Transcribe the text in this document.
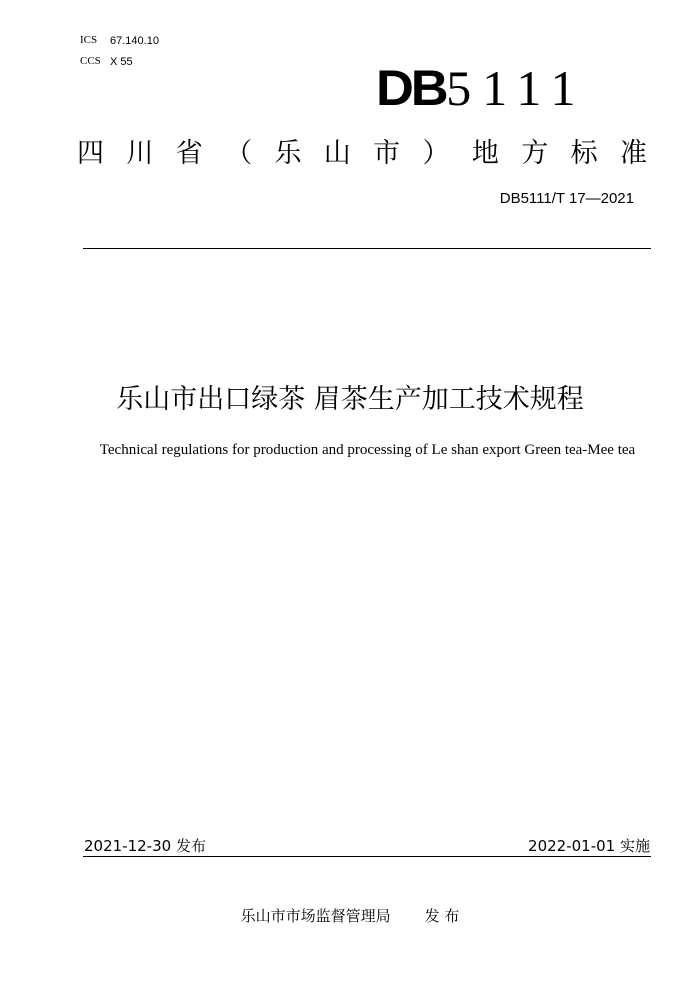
ICS 67.140.10
CCS X 55	DB5111
四 川 省 （ 乐 山 市 ） 地 方 标 准
DB5111/T 17—2021
乐山市出口绿茶 眉茶生产加工技术规程
Technical regulations for production and processing of Le shan export Green tea-Mee tea
2021-12-30 发布	2022-01-01 实施
乐山市市场监督管理局 发 布
